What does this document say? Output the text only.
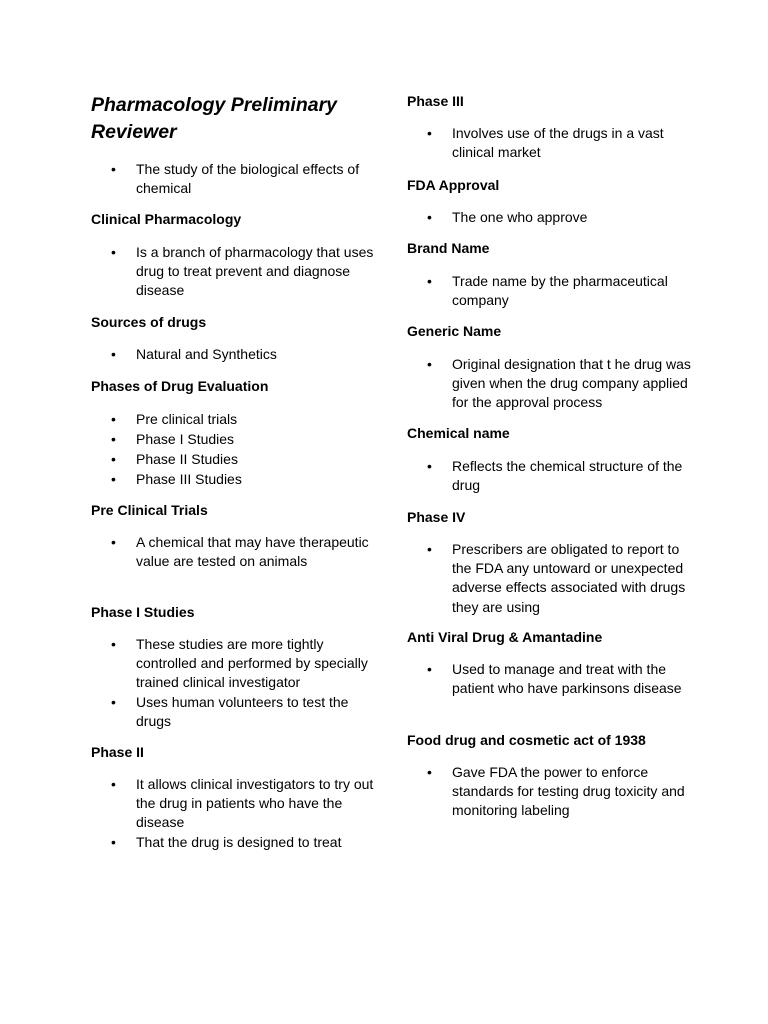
Pharmacology Preliminary Reviewer
• The study of the biological effects of chemical
Clinical Pharmacology
• Is a branch of pharmacology that uses drug to treat prevent and diagnose disease
Sources of drugs
• Natural and Synthetics
Phases of Drug Evaluation
• Pre clinical trials
• Phase I Studies
• Phase II Studies
• Phase III Studies
Pre Clinical Trials
• A chemical that may have therapeutic value are tested on animals
Phase I Studies
• These studies are more tightly controlled and performed by specially trained clinical investigator
• Uses human volunteers to test the drugs
Phase II
• It allows clinical investigators to try out the drug in patients who have the disease
• That the drug is designed to treat
Phase III
• Involves use of the drugs in a vast clinical market
FDA Approval
• The one who approve
Brand Name
• Trade name by the pharmaceutical company
Generic Name
• Original designation that t he drug was given when the drug company applied for the approval process
Chemical name
• Reflects the chemical structure of the drug
Phase IV
• Prescribers are obligated to report to the FDA any untoward or unexpected adverse effects associated with drugs they are using
Anti Viral Drug & Amantadine
• Used to manage and treat with the patient who have parkinsons disease
Food drug and cosmetic act of 1938
• Gave FDA the power to enforce standards for testing drug toxicity and monitoring labeling
